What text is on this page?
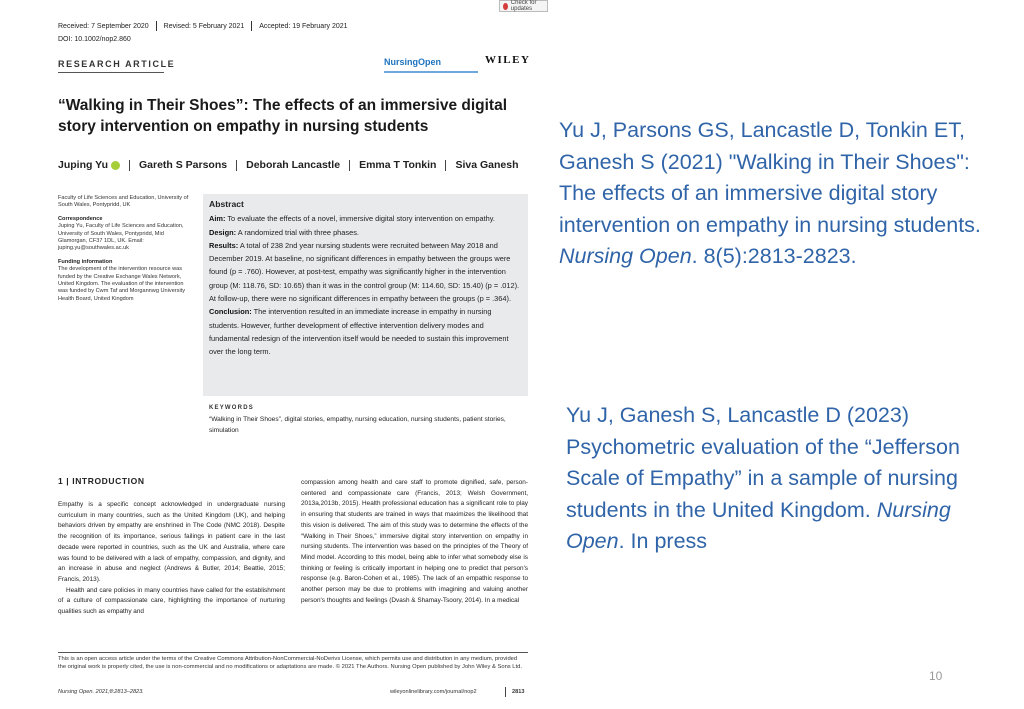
Check for updates
Received: 7 September 2020 Revised: 5 February 2021 Accepted: 19 February 2021
DOI: 10.1002/nop2.860
RESEARCH ARTICLE	NursingOpen	WILEY
“Walking in Their Shoes”: The effects of an immersive digital
story intervention on empathy in nursing students
Juping Yu	Gareth S Parsons Deborah Lancastle Emma T Tonkin Siva Ganesh
Faculty of Life Sciences and Education, University of South Wales, Pontypridd, UK
Correspondence
Juping Yu, Faculty of Life Sciences and Education, University of South Wales, Pontypridd, Mid Glamorgan, CF37 1DL, UK. Email: juping.yu@southwales.ac.uk
Funding information
The development of the intervention resource was funded by the Creative Exchange Wales Network, United Kingdom. The evaluation of the intervention was funded by Cwm Taf and Morgannwg University Health Board, United Kingdom
Abstract
Aim: To evaluate the effects of a novel, immersive digital story intervention on empathy.
Design: A randomized trial with three phases.
Results: A total of 238 2nd year nursing students were recruited between May 2018 and December 2019. At baseline, no significant differences in empathy between the groups were found (p = .760). However, at post-test, empathy was significantly higher in the intervention group (M: 118.76, SD: 10.65) than it was in the control group (M: 114.60, SD: 15.40) (p = .012). At follow-up, there were no significant differences in empathy between the groups (p = .364).
Conclusion: The intervention resulted in an immediate increase in empathy in nursing students. However, further development of effective intervention delivery modes and fundamental redesign of the intervention itself would be needed to sustain this improvement over the long term.
KEYWORDS
“Walking in Their Shoes”, digital stories, empathy, nursing education, nursing students, patient stories, simulation
1 | INTRODUCTION
Empathy is a specific concept acknowledged in undergraduate nursing curriculum in many countries, such as the United Kingdom (UK), and helping behaviors driven by empathy are enshrined in The Code (NMC 2018). Despite the recognition of its importance, serious failings in patient care in the last decade were reported in countries, such as the UK and Australia, where care was found to be delivered with a lack of empathy, compassion, and dignity, and an increase in abuse and neglect (Andrews & Butler, 2014; Beattie, 2015; Francis, 2013).
Health and care policies in many countries have called for the establishment of a culture of compassionate care, highlighting the importance of nurturing qualities such as empathy and
compassion among health and care staff to promote dignified, safe, person-centered and compassionate care (Francis, 2013; Welsh Government, 2013a,2013b, 2015). Health professional education has a significant role to play in ensuring that students are trained in ways that maximizes the likelihood that this vision is delivered. The aim of this study was to determine the effects of the “Walking in Their Shoes,” immersive digital story intervention on empathy in nursing students. The intervention was based on the principles of the Theory of Mind model. According to this model, being able to infer what somebody else is thinking or feeling is critically important in helping one to predict that person's response (e.g. Baron-Cohen et al., 1985). The lack of an empathic response to another person may be due to problems with imagining and valuing another person's thoughts and feelings (Dvash & Shamay-Tsoory, 2014). In a medical
This is an open access article under the terms of the Creative Commons Attribution-NonCommercial-NoDerivs License, which permits use and distribution in any medium, provided the original work is properly cited, the use is non-commercial and no modifications or adaptations are made. © 2021 The Authors. Nursing Open published by John Wiley & Sons Ltd.
Nursing Open. 2021;8:2813–2823.	wileyonlinelibrary.com/journal/nop2	2813
Yu J, Parsons GS, Lancastle D, Tonkin ET, Ganesh S (2021) "Walking in Their Shoes": The effects of an immersive digital story intervention on empathy in nursing students. Nursing Open. 8(5):2813-2823.
Yu J, Ganesh S, Lancastle D (2023) Psychometric evaluation of the “Jefferson Scale of Empathy” in a sample of nursing students in the United Kingdom. Nursing Open. In press
10
